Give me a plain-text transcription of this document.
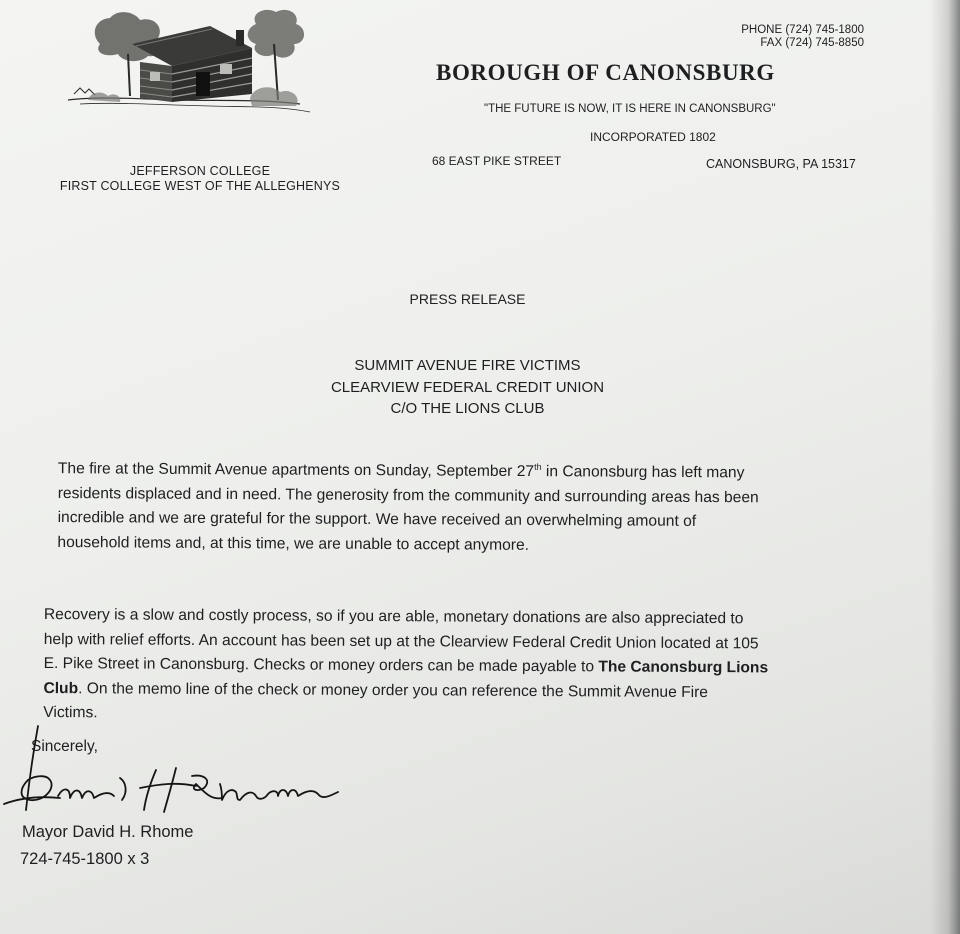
JEFFERSON COLLEGE
FIRST COLLEGE WEST OF THE ALLEGHENYS
PHONE (724) 745-1800
FAX (724) 745-8850
BOROUGH OF CANONSBURG
"THE FUTURE IS NOW, IT IS HERE IN CANONSBURG"
INCORPORATED 1802
68 EAST PIKE STREET	CANONSBURG, PA 15317
PRESS RELEASE
SUMMIT AVENUE FIRE VICTIMS
CLEARVIEW FEDERAL CREDIT UNION
C/O THE LIONS CLUB

The fire at the Summit Avenue apartments on Sunday, September 27th in Canonsburg has left many
residents displaced and in need. The generosity from the community and surrounding areas has been
incredible and we are grateful for the support. We have received an overwhelming amount of
household items and, at this time, we are unable to accept anymore.

Recovery is a slow and costly process, so if you are able, monetary donations are also appreciated to
help with relief efforts. An account has been set up at the Clearview Federal Credit Union located at 105
E. Pike Street in Canonsburg. Checks or money orders can be made payable to The Canonsburg Lions
Club. On the memo line of the check or money order you can reference the Summit Avenue Fire
Victims.

Sincerely,
Mayor David H. Rhome
724-745-1800 x 3
